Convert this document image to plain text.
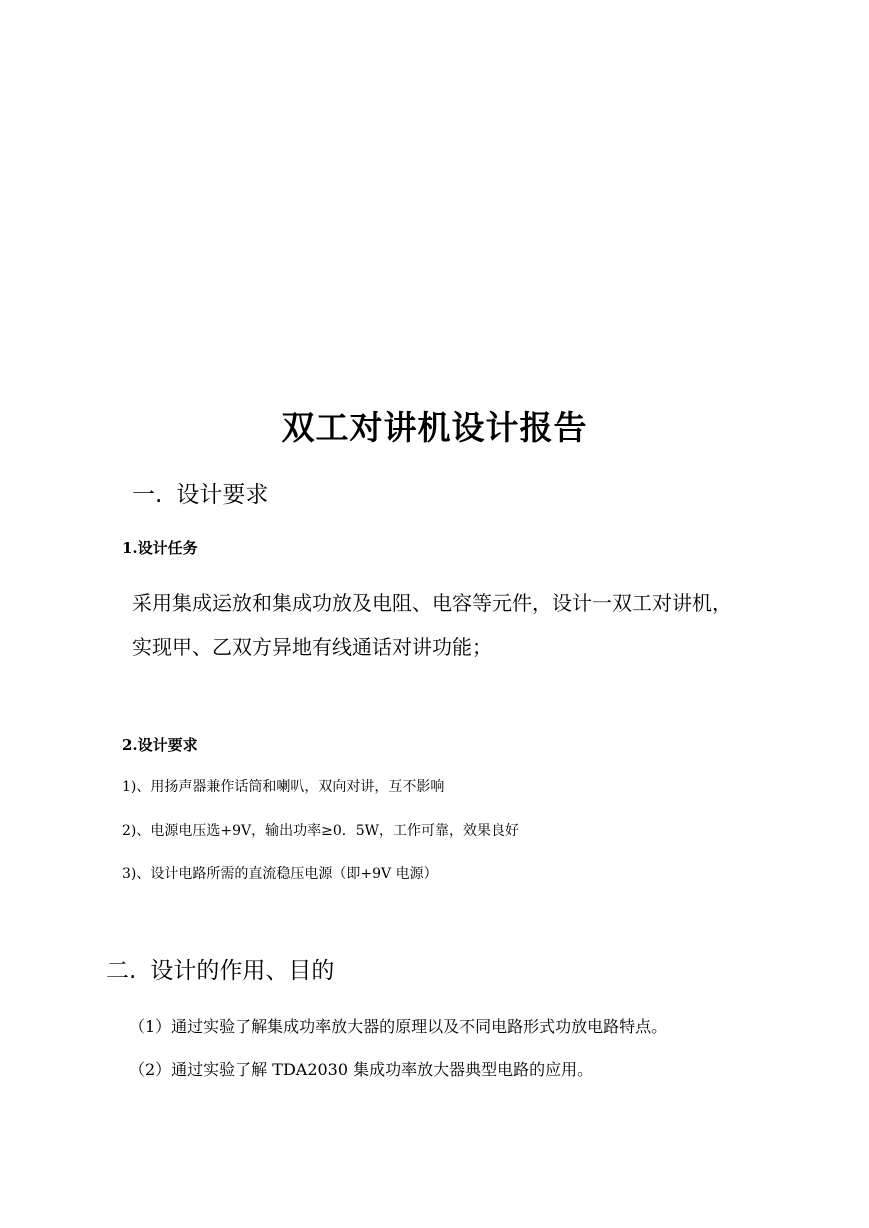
双工对讲机设计报告
一. 设计要求
1.设计任务

采用集成运放和集成功放及电阻、电容等元件，设计一双工对讲机，

实现甲、乙双方异地有线通话对讲功能；

2.设计要求

1)、用扬声器兼作话筒和喇叭，双向对讲，互不影响

2)、电源电压选+9V，输出功率≥0．5W，工作可靠，效果良好

3)、设计电路所需的直流稳压电源（即+9V 电源）

二. 设计的作用、目的

（1）通过实验了解集成功率放大器的原理以及不同电路形式功放电路特点。

（2）通过实验了解 TDA2030 集成功率放大器典型电路的应用。
